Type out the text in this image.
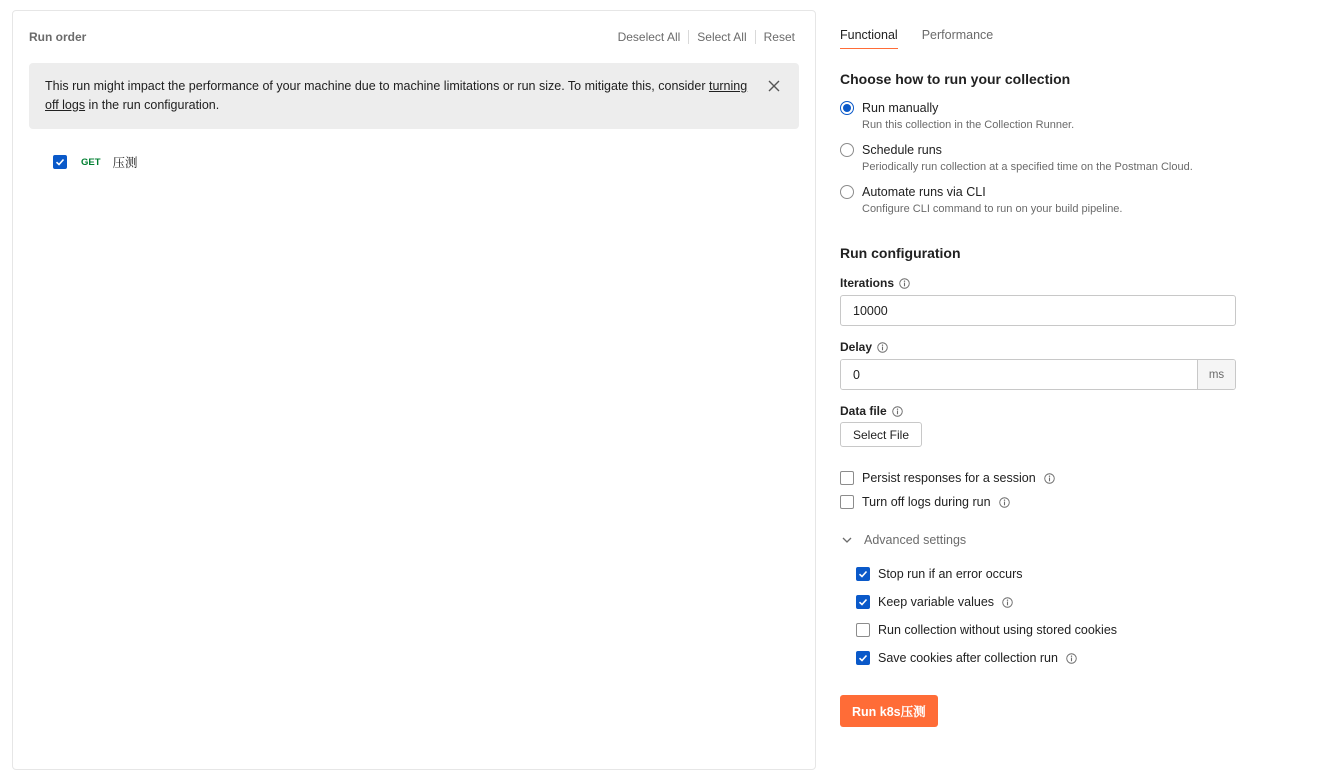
Run order	Deselect All	Select All	Reset
This run might impact the performance of your machine due to machine limitations or run size. To mitigate this, consider turning off logs in the run configuration.
GET 压测
Functional Performance
Choose how to run your collection
Run manually
Run this collection in the Collection Runner.
Schedule runs
Periodically run collection at a specified time on the Postman Cloud.
Automate runs via CLI
Configure CLI command to run on your build pipeline.
Run configuration
Iterations
10000
Delay
0
ms
Data file
Select File
Persist responses for a session
Turn off logs during run
Advanced settings
Stop run if an error occurs
Keep variable values
Run collection without using stored cookies
Save cookies after collection run
Run k8s压测
